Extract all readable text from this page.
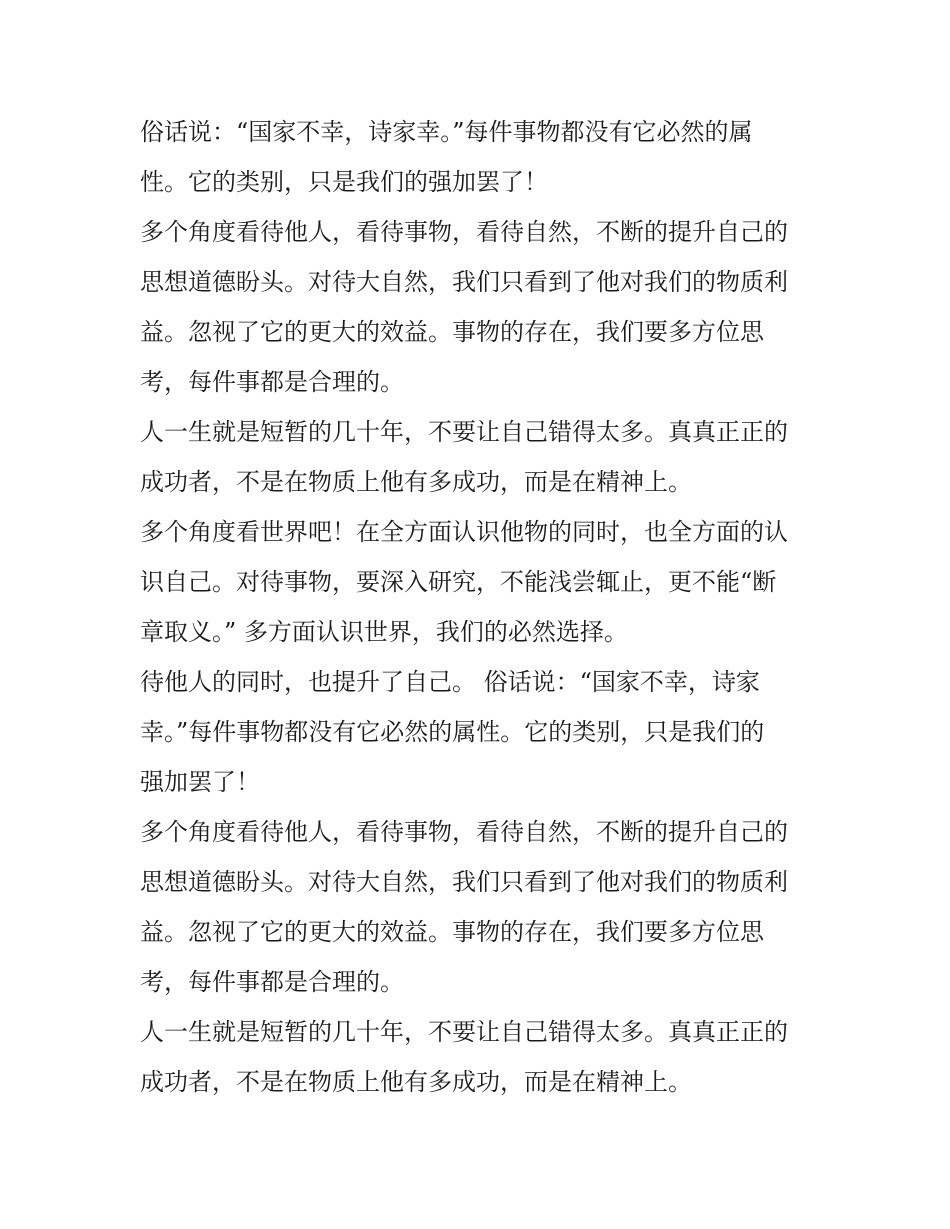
俗话说：“国家不幸，诗家幸。”每件事物都没有它必然的属
性。它的类别，只是我们的强加罢了！
多个角度看待他人，看待事物，看待自然，不断的提升自己的
思想道德盼头。对待大自然，我们只看到了他对我们的物质利
益。忽视了它的更大的效益。事物的存在，我们要多方位思
考，每件事都是合理的。
人一生就是短暂的几十年，不要让自己错得太多。真真正正的
成功者，不是在物质上他有多成功，而是在精神上。
多个角度看世界吧！在全方面认识他物的同时，也全方面的认
识自己。对待事物，要深入研究，不能浅尝辄止，更不能“断
章取义。” 多方面认识世界，我们的必然选择。
待他人的同时，也提升了自己。 俗话说：“国家不幸，诗家
幸。”每件事物都没有它必然的属性。它的类别，只是我们的
强加罢了！
多个角度看待他人，看待事物，看待自然，不断的提升自己的
思想道德盼头。对待大自然，我们只看到了他对我们的物质利
益。忽视了它的更大的效益。事物的存在，我们要多方位思
考，每件事都是合理的。
人一生就是短暂的几十年，不要让自己错得太多。真真正正的
成功者，不是在物质上他有多成功，而是在精神上。
